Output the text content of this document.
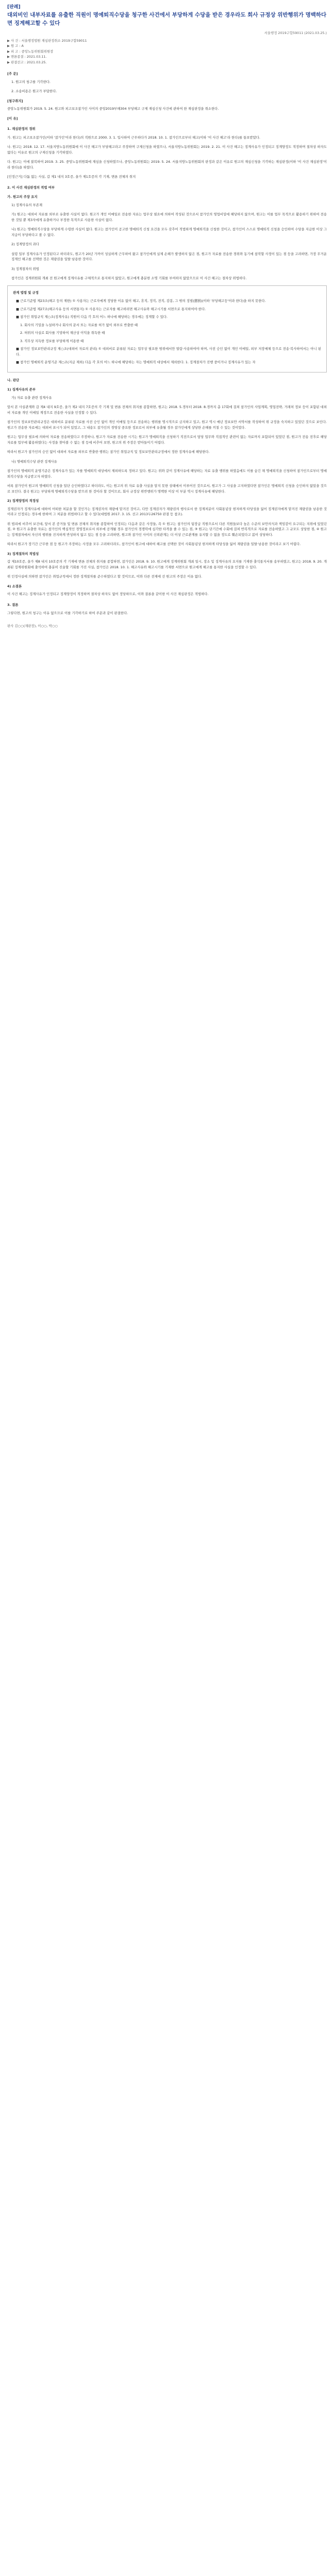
[판례]
대외비인 내부자료를 유출한 직원이 명예퇴직수당을 청구한 사건에서 부당하게 수당을 받은 경우라도 회사 규정상 위반행위가 명백하다면 징계해고할 수 있다
서울행정 2019구합59011 (2021.03.25.)
▶ 사 건 : 서울행정법원 재심판정취소 2019구합59011
▶ 원 고 : A
▶ 피 고 : 중앙노동위원회위원장
▶ 변론종결 : 2021.03.11.
▶ 판결선고 : 2021.03.25.
[주 문]

1. 원고의 청구를 기각한다.

2. 소송비용은 원고가 부담한다.

[청구취지]

중앙노동위원회가 2019. 5. 24. 원고와 피고보조참가인 사이의 중앙2019부해304 부당해고 구제 재심신청 사건에 관하여 한 재심판정을 취소한다.

[이 유]
1. 재심판정의 경위

가. 원고는 피고보조참가인(이하 '참가인'이라 한다)의 직원으로 2000. 3. 1. 입사하여 근무하다가 2018. 10. 1. 참가인으로부터 해고(이하 '이 사건 해고'라 한다)를 통보받았다.

나. 원고는 2018. 12. 17. 서울지방노동위원회에 이 사건 해고가 부당해고라고 주장하며 구제신청을 하였으나, 서울지방노동위원회는 2019. 2. 21. 이 사건 해고는 징계사유가 인정되고 징계양정도 적정하며 절차상 하자도 없다는 이유로 원고의 구제신청을 기각하였다.

다. 원고는 이에 불복하여 2019. 3. 25. 중앙노동위원회에 재심을 신청하였으나, 중앙노동위원회는 2019. 5. 24. 서울지방노동위원회의 판정과 같은 이유로 원고의 재심신청을 기각하는 재심판정(이하 '이 사건 재심판정'이라 한다)을 하였다.

[인정근거] 다툼 없는 사실, 갑 제1 내지 3호증, 을가 제1호증의 각 기재, 변론 전체의 취지

2. 이 사건 재심판정의 적법 여부
가. 원고의 주장 요지

1) 징계사유의 부존재

가) 원고는 대외비 자료를 외부로 유출한 사실이 없다. 원고가 개인 이메일로 전송한 자료는 업무상 필요에 의하여 작성된 것으로서 참가인의 영업비밀에 해당하지 않으며, 원고는 이를 업무 목적으로 활용하기 위하여 전송한 것일 뿐 제3자에게 유출하거나 부정한 목적으로 사용한 사실이 없다.

나) 원고는 명예퇴직수당을 부당하게 수령한 사실이 없다. 원고는 참가인이 공고한 명예퇴직 신청 요건을 모두 갖추어 적법하게 명예퇴직을 신청한 것이고, 참가인이 스스로 명예퇴직 신청을 승인하여 수당을 지급한 이상 그 지급이 부당하다고 볼 수 없다.

2) 징계양정의 과다

설령 일부 징계사유가 인정된다고 하더라도, 원고가 20년 가까이 성실하게 근무하여 왔고 참가인에게 실제 손해가 발생하지 않은 점, 원고가 자료를 전송한 경위와 동기에 참작할 사정이 있는 점 등을 고려하면, 가장 무거운 징계인 해고를 선택한 것은 재량권을 일탈·남용한 것이다.

3) 징계절차의 위법

참가인은 징계위원회 개최 전 원고에게 징계사유를 구체적으로 통지하지 않았고, 원고에게 충분한 소명 기회를 부여하지 않았으므로 이 사건 해고는 절차상 위법하다.

관계 법령 및 규정

■ 근로기준법 제23조(해고 등의 제한) ① 사용자는 근로자에게 정당한 이유 없이 해고, 휴직, 정직, 전직, 감봉, 그 밖의 징벌(懲罰)(이하 '부당해고등'이라 한다)을 하지 못한다.
■ 근로기준법 제27조(해고사유 등의 서면통지) ① 사용자는 근로자를 해고하려면 해고사유와 해고시기를 서면으로 통지하여야 한다.
■ 참가인 취업규칙 제○조(징계사유) 직원이 다음 각 호의 어느 하나에 해당하는 경우에는 징계할 수 있다.
1. 회사의 기밀을 누설하거나 회사의 문서 또는 자료를 허가 없이 외부로 반출한 때
2. 허위의 사실로 회사를 기망하여 재산상 이익을 취득한 때
3. 직무상 지득한 정보를 부당하게 이용한 때
■ 참가인 정보보안관리규정 제○조(대외비 자료의 관리) ① 대외비로 분류된 자료는 업무상 필요한 범위에서만 열람·사용하여야 하며, 사전 승인 없이 개인 이메일, 외부 저장매체 등으로 전송·복사하여서는 아니 된다.
■ 참가인 명예퇴직 운영기준 제○조(지급 제외) 다음 각 호의 어느 하나에 해당하는 자는 명예퇴직 대상에서 제외한다. 1. 징계절차가 진행 중이거나 징계사유가 있는 자
나. 판단
1) 징계사유의 존부

가) 자료 유출 관련 징계사유

앞서 본 사실관계와 갑 제4 내지 9호증, 을가 제2 내지 7호증의 각 기재 및 변론 전체의 취지를 종합하면, 원고는 2018. 5.경부터 2018. 8.경까지 총 17회에 걸쳐 참가인의 사업계획, 영업전략, 거래처 정보 등이 포함된 대외비 자료를 개인 이메일 계정으로 전송한 사실을 인정할 수 있다.

참가인의 정보보안관리규정은 대외비로 분류된 자료를 사전 승인 없이 개인 이메일 등으로 전송하는 행위를 명시적으로 금지하고 있고, 원고 역시 매년 정보보안 서약서를 작성하여 위 규정을 숙지하고 있었던 것으로 보인다. 원고가 전송한 자료에는 대외비 표시가 되어 있었고, 그 내용도 참가인의 경영상 중요한 정보로서 외부에 유출될 경우 참가인에게 상당한 손해를 끼칠 수 있는 것이었다.

원고는 업무상 필요에 의하여 자료를 전송하였다고 주장하나, 원고가 자료를 전송한 시기는 원고가 명예퇴직을 신청하기 직전으로서 담당 업무와 직접적인 관련이 없는 자료까지 포함되어 있었던 점, 원고가 전송 전후로 해당 자료를 업무에 활용하였다는 사정을 찾아볼 수 없는 점 등에 비추어 보면, 원고의 위 주장은 받아들이기 어렵다.

따라서 원고가 참가인의 승인 없이 대외비 자료를 외부로 반출한 행위는 참가인 취업규칙 및 정보보안관리규정에서 정한 징계사유에 해당한다.

나) 명예퇴직수당 관련 징계사유

참가인의 명예퇴직 운영기준은 징계사유가 있는 자를 명예퇴직 대상에서 제외하도록 정하고 있다. 원고는 위와 같이 징계사유에 해당하는 자료 유출 행위를 하였음에도 이를 숨긴 채 명예퇴직을 신청하여 참가인으로부터 명예퇴직수당을 지급받고자 하였다.

비록 참가인이 원고의 명예퇴직 신청을 일단 승인하였다고 하더라도, 이는 원고의 위 자료 유출 사실을 알지 못한 상태에서 이루어진 것으로서, 원고가 그 사실을 고지하였다면 참가인은 명예퇴직 신청을 승인하지 않았을 것으로 보인다. 결국 원고는 부당하게 명예퇴직수당을 받으려 한 것이라 할 것이므로, 회사 규정상 위반행위가 명백한 이상 이 부분 역시 징계사유에 해당한다.

2) 징계양정의 적정성

징계권자가 징계사유에 대하여 어떠한 처분을 할 것인가는 징계권자의 재량에 맡겨진 것이고, 다만 징계권자가 재량권의 행사로서 한 징계처분이 사회통념상 현저하게 타당성을 잃어 징계권자에게 맡겨진 재량권을 남용한 것이라고 인정되는 경우에 한하여 그 처분을 위법하다고 할 수 있다(대법원 2017. 3. 15. 선고 2013두26750 판결 등 참조).

위 법리에 비추어 보건대, 앞서 본 증거들 및 변론 전체의 취지를 종합하여 인정되는 다음과 같은 사정들, 즉 ① 원고는 참가인의 팀장급 직원으로서 다른 직원들보다 높은 수준의 보안의식과 책임감이 요구되는 지위에 있었던 점, ② 원고가 유출한 자료는 참가인의 핵심적인 경영정보로서 외부에 공개될 경우 참가인의 경쟁력에 심각한 타격을 줄 수 있는 점, ③ 원고는 단기간에 수회에 걸쳐 반복적으로 자료를 전송하였고 그 규모도 상당한 점, ④ 원고는 징계절차에서 자신의 행위를 진지하게 반성하지 않고 있는 점 등을 고려하면, 원고와 참가인 사이의 신뢰관계는 더 이상 근로관계를 유지할 수 없을 정도로 훼손되었다고 봄이 상당하다.

따라서 원고가 장기간 근무한 점 등 원고가 주장하는 사정을 모두 고려하더라도, 참가인이 원고에 대하여 해고를 선택한 것이 사회통념상 현저하게 타당성을 잃어 재량권을 일탈·남용한 것이라고 보기 어렵다.

3) 징계절차의 적법성

갑 제10호증, 을가 제8 내지 10호증의 각 기재에 변론 전체의 취지를 종합하면, 참가인은 2018. 9. 10. 원고에게 징계위원회 개최 일시, 장소 및 징계사유의 요지를 기재한 출석통지서를 송부하였고, 원고는 2018. 9. 20. 개최된 징계위원회에 출석하여 충분히 진술할 기회를 가진 사실, 참가인은 2018. 10. 1. 해고사유와 해고시기를 기재한 서면으로 원고에게 해고를 통지한 사실을 인정할 수 있다.

위 인정사실에 의하면 참가인은 취업규칙에서 정한 징계절차를 준수하였다고 할 것이므로, 이와 다른 전제에 선 원고의 주장은 이유 없다.

4) 소결론

이 사건 해고는 징계사유가 인정되고 징계양정이 적정하며 절차상 하자도 없어 정당하므로, 이와 결론을 같이한 이 사건 재심판정은 적법하다.

3. 결론

그렇다면, 원고의 청구는 이유 없으므로 이를 기각하기로 하여 주문과 같이 판결한다.

판사 김○○(재판장), 이○○, 박○○
